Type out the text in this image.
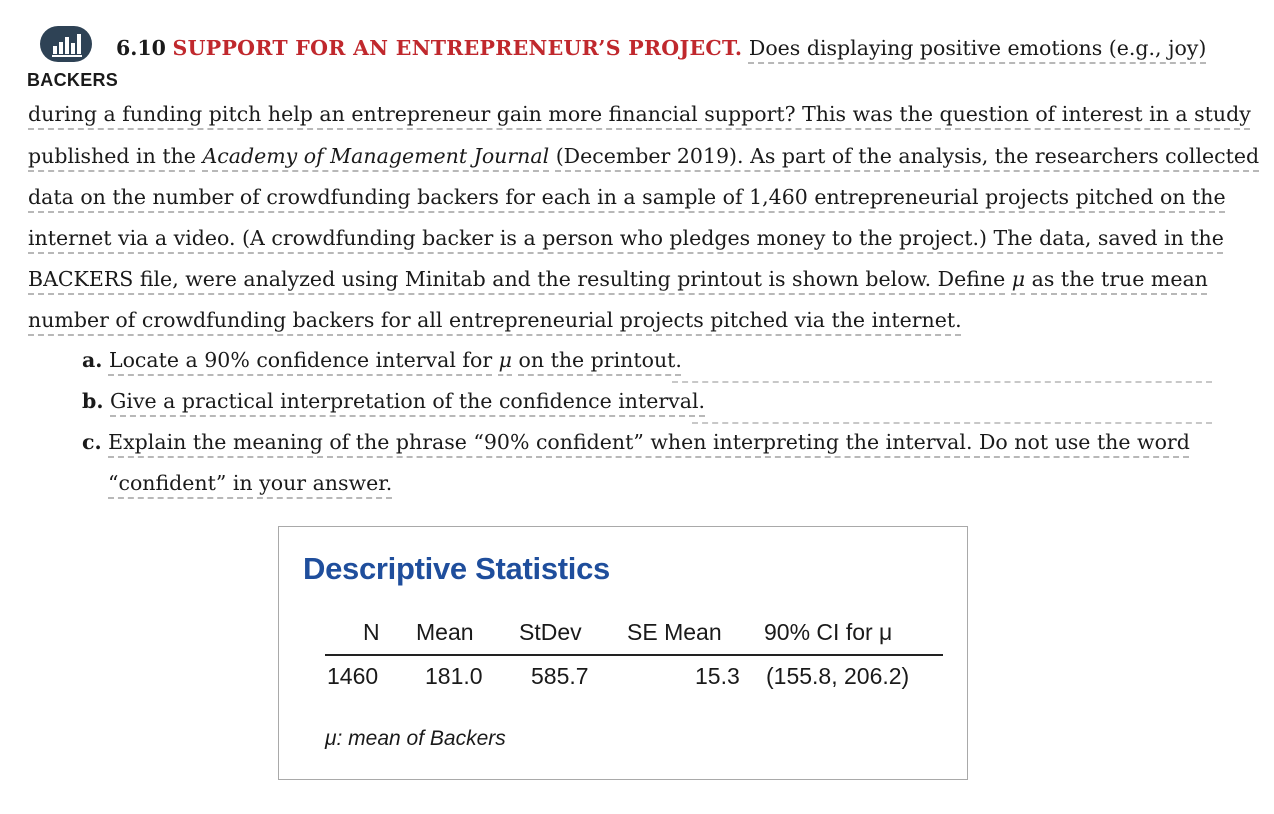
BACKERS
6.10 SUPPORT FOR AN ENTREPRENEUR’S PROJECT. Does displaying positive emotions (e.g., joy)
during a funding pitch help an entrepreneur gain more financial support? This was the question of interest in a study
published in the Academy of Management Journal (December 2019). As part of the analysis, the researchers collected
data on the number of crowdfunding backers for each in a sample of 1,460 entrepreneurial projects pitched on the
internet via a video. (A crowdfunding backer is a person who pledges money to the project.) The data, saved in the
BACKERS file, were analyzed using Minitab and the resulting printout is shown below. Define μ as the true mean
number of crowdfunding backers for all entrepreneurial projects pitched via the internet.
a. Locate a 90% confidence interval for μ on the printout.
b. Give a practical interpretation of the confidence interval.
c. Explain the meaning of the phrase “90% confident” when interpreting the interval. Do not use the word
“confident” in your answer.
Descriptive Statistics
N Mean StDev SE Mean 90% CI for μ
1460 181.0 585.7	15.3 (155.8, 206.2)
μ: mean of Backers
